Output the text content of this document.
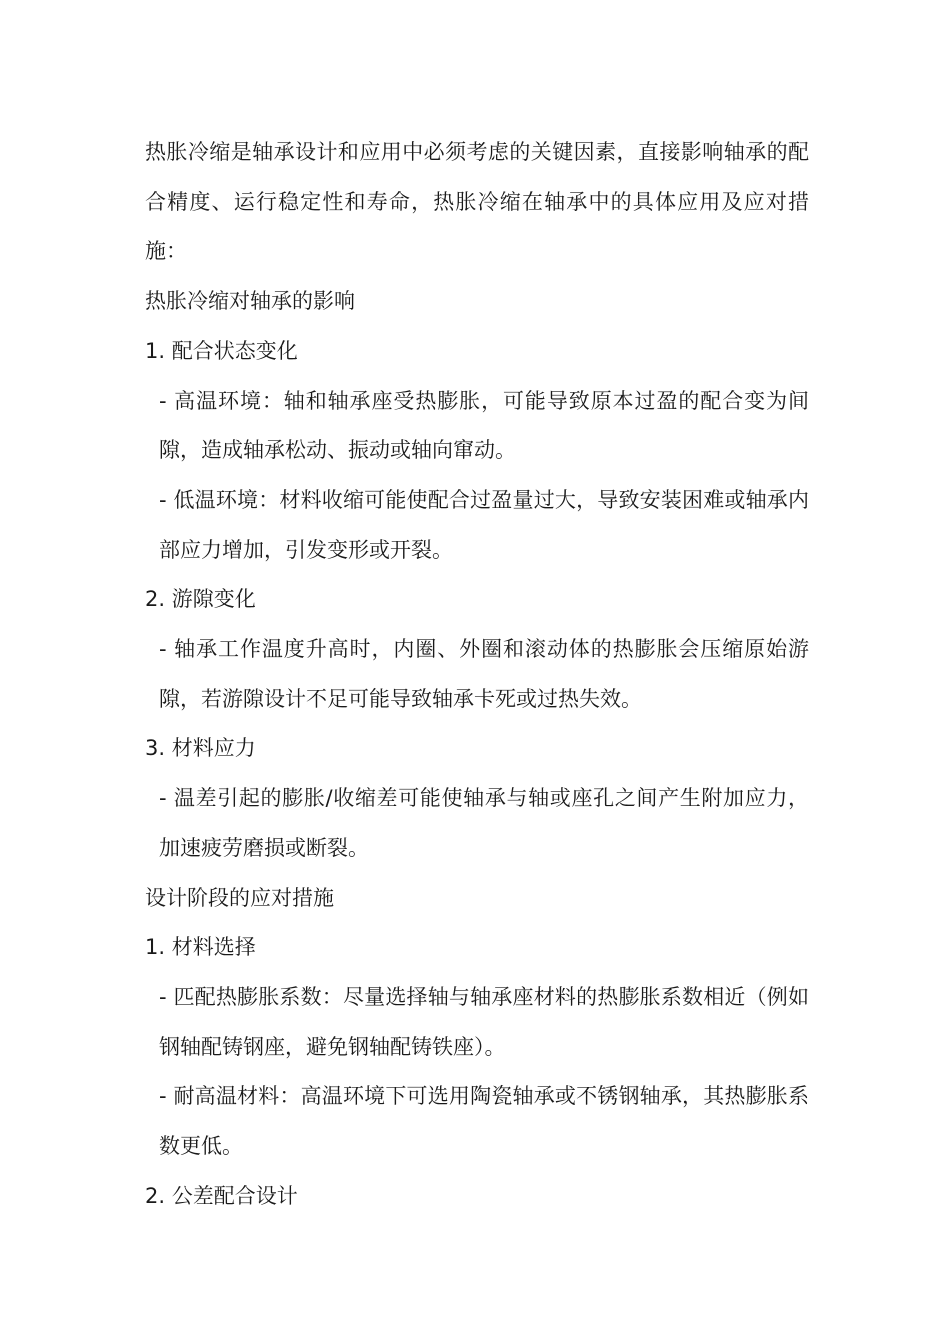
热胀冷缩是轴承设计和应用中必须考虑的关键因素，直接影响轴承的配合精度、运行稳定性和寿命，热胀冷缩在轴承中的具体应用及应对措施：

热胀冷缩对轴承的影响

1. 配合状态变化

- 高温环境：轴和轴承座受热膨胀，可能导致原本过盈的配合变为间隙，造成轴承松动、振动或轴向窜动。

- 低温环境：材料收缩可能使配合过盈量过大，导致安装困难或轴承内部应力增加，引发变形或开裂。

2. 游隙变化

- 轴承工作温度升高时，内圈、外圈和滚动体的热膨胀会压缩原始游隙，若游隙设计不足可能导致轴承卡死或过热失效。

3. 材料应力

- 温差引起的膨胀/收缩差可能使轴承与轴或座孔之间产生附加应力，加速疲劳磨损或断裂。

设计阶段的应对措施

1. 材料选择

- 匹配热膨胀系数：尽量选择轴与轴承座材料的热膨胀系数相近（例如钢轴配铸钢座，避免钢轴配铸铁座）。

- 耐高温材料：高温环境下可选用陶瓷轴承或不锈钢轴承，其热膨胀系数更低。

2. 公差配合设计
